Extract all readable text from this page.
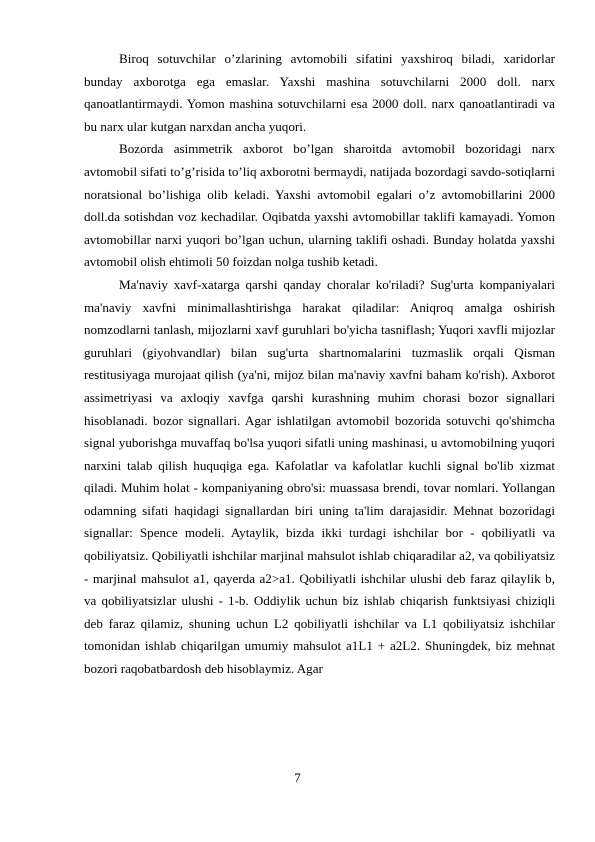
Biroq sotuvchilar o’zlarining avtomobili sifatini yaxshiroq biladi, xaridorlar bunday axborotga ega emaslar. Yaxshi mashina sotuvchilarni 2000 doll. narx qanoatlantirmaydi. Yomon mashina sotuvchilarni esa 2000 doll. narx qanoatlantiradi va bu narx ular kutgan narxdan ancha yuqori.

Bozorda asimmetrik axborot bo’lgan sharoitda avtomobil bozoridagi narx avtomobil sifati to’g’risida to’liq axborotni bermaydi, natijada bozordagi savdo-sotiqlarni noratsional bo’lishiga olib keladi. Yaxshi avtomobil egalari o’z avtomobillarini 2000 doll.da sotishdan voz kechadilar. Oqibatda yaxshi avtomobillar taklifi kamayadi. Yomon avtomobillar narxi yuqori bo’lgan uchun, ularning taklifi oshadi. Bunday holatda yaxshi avtomobil olish ehtimoli 50 foizdan nolga tushib ketadi.

Ma'naviy xavf-xatarga qarshi qanday choralar ko'riladi? Sug'urta kompaniyalari ma'naviy xavfni minimallashtirishga harakat qiladilar: Aniqroq amalga oshirish nomzodlarni tanlash, mijozlarni xavf guruhlari bo'yicha tasniflash; Yuqori xavfli mijozlar guruhlari (giyohvandlar) bilan sug'urta shartnomalarini tuzmaslik orqali Qisman restitusiyaga murojaat qilish (ya'ni, mijoz bilan ma'naviy xavfni baham ko'rish). Axborot assimetriyasi va axloqiy xavfga qarshi kurashning muhim chorasi bozor signallari hisoblanadi. bozor signallari. Agar ishlatilgan avtomobil bozorida sotuvchi qo'shimcha signal yuborishga muvaffaq bo'lsa yuqori sifatli uning mashinasi, u avtomobilning yuqori narxini talab qilish huquqiga ega. Kafolatlar va kafolatlar kuchli signal bo'lib xizmat qiladi. Muhim holat - kompaniyaning obro'si: muassasa brendi, tovar nomlari. Yollangan odamning sifati haqidagi signallardan biri uning ta'lim darajasidir. Mehnat bozoridagi signallar: Spence modeli. Aytaylik, bizda ikki turdagi ishchilar bor - qobiliyatli va qobiliyatsiz. Qobiliyatli ishchilar marjinal mahsulot ishlab chiqaradilar a2, va qobiliyatsiz - marjinal mahsulot a1, qayerda a2>a1. Qobiliyatli ishchilar ulushi deb faraz qilaylik b, va qobiliyatsizlar ulushi - 1-b. Oddiylik uchun biz ishlab chiqarish funktsiyasi chiziqli deb faraz qilamiz, shuning uchun L2 qobiliyatli ishchilar va L1 qobiliyatsiz ishchilar tomonidan ishlab chiqarilgan umumiy mahsulot a1L1 + a2L2. Shuningdek, biz mehnat bozori raqobatbardosh deb hisoblaymiz. Agar

7
